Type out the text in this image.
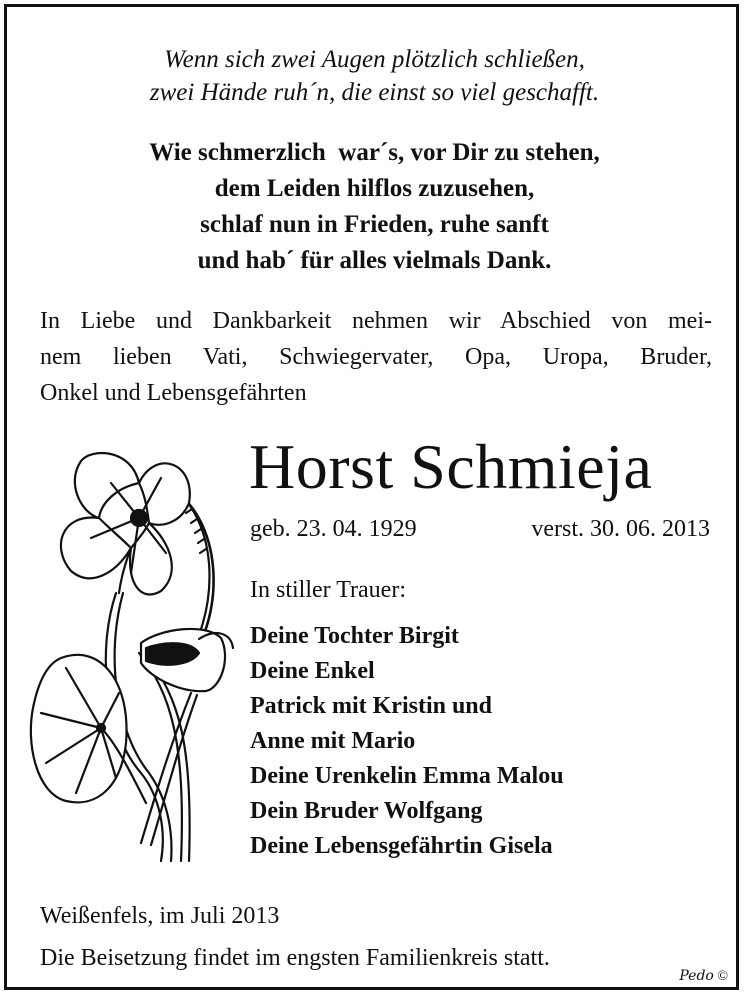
Wenn sich zwei Augen plötzlich schließen,
zwei Hände ruh´n, die einst so viel geschafft.
Wie schmerzlich  war´s, vor Dir zu stehen,
dem Leiden hilflos zuzusehen,
schlaf nun in Frieden, ruhe sanft
und hab´ für alles vielmals Dank.
In Liebe und Dankbarkeit nehmen wir Abschied von mei-
nem lieben Vati, Schwiegervater, Opa, Uropa, Bruder,
Onkel und Lebensgefährten
Horst Schmieja
geb. 23. 04. 1929	verst. 30. 06. 2013
In stiller Trauer:
Deine Tochter Birgit
Deine Enkel
Patrick mit Kristin und
Anne mit Mario
Deine Urenkelin Emma Malou
Dein Bruder Wolfgang
Deine Lebensgefährtin Gisela
Weißenfels, im Juli 2013
Die Beisetzung findet im engsten Familienkreis statt.
Pedo ©
